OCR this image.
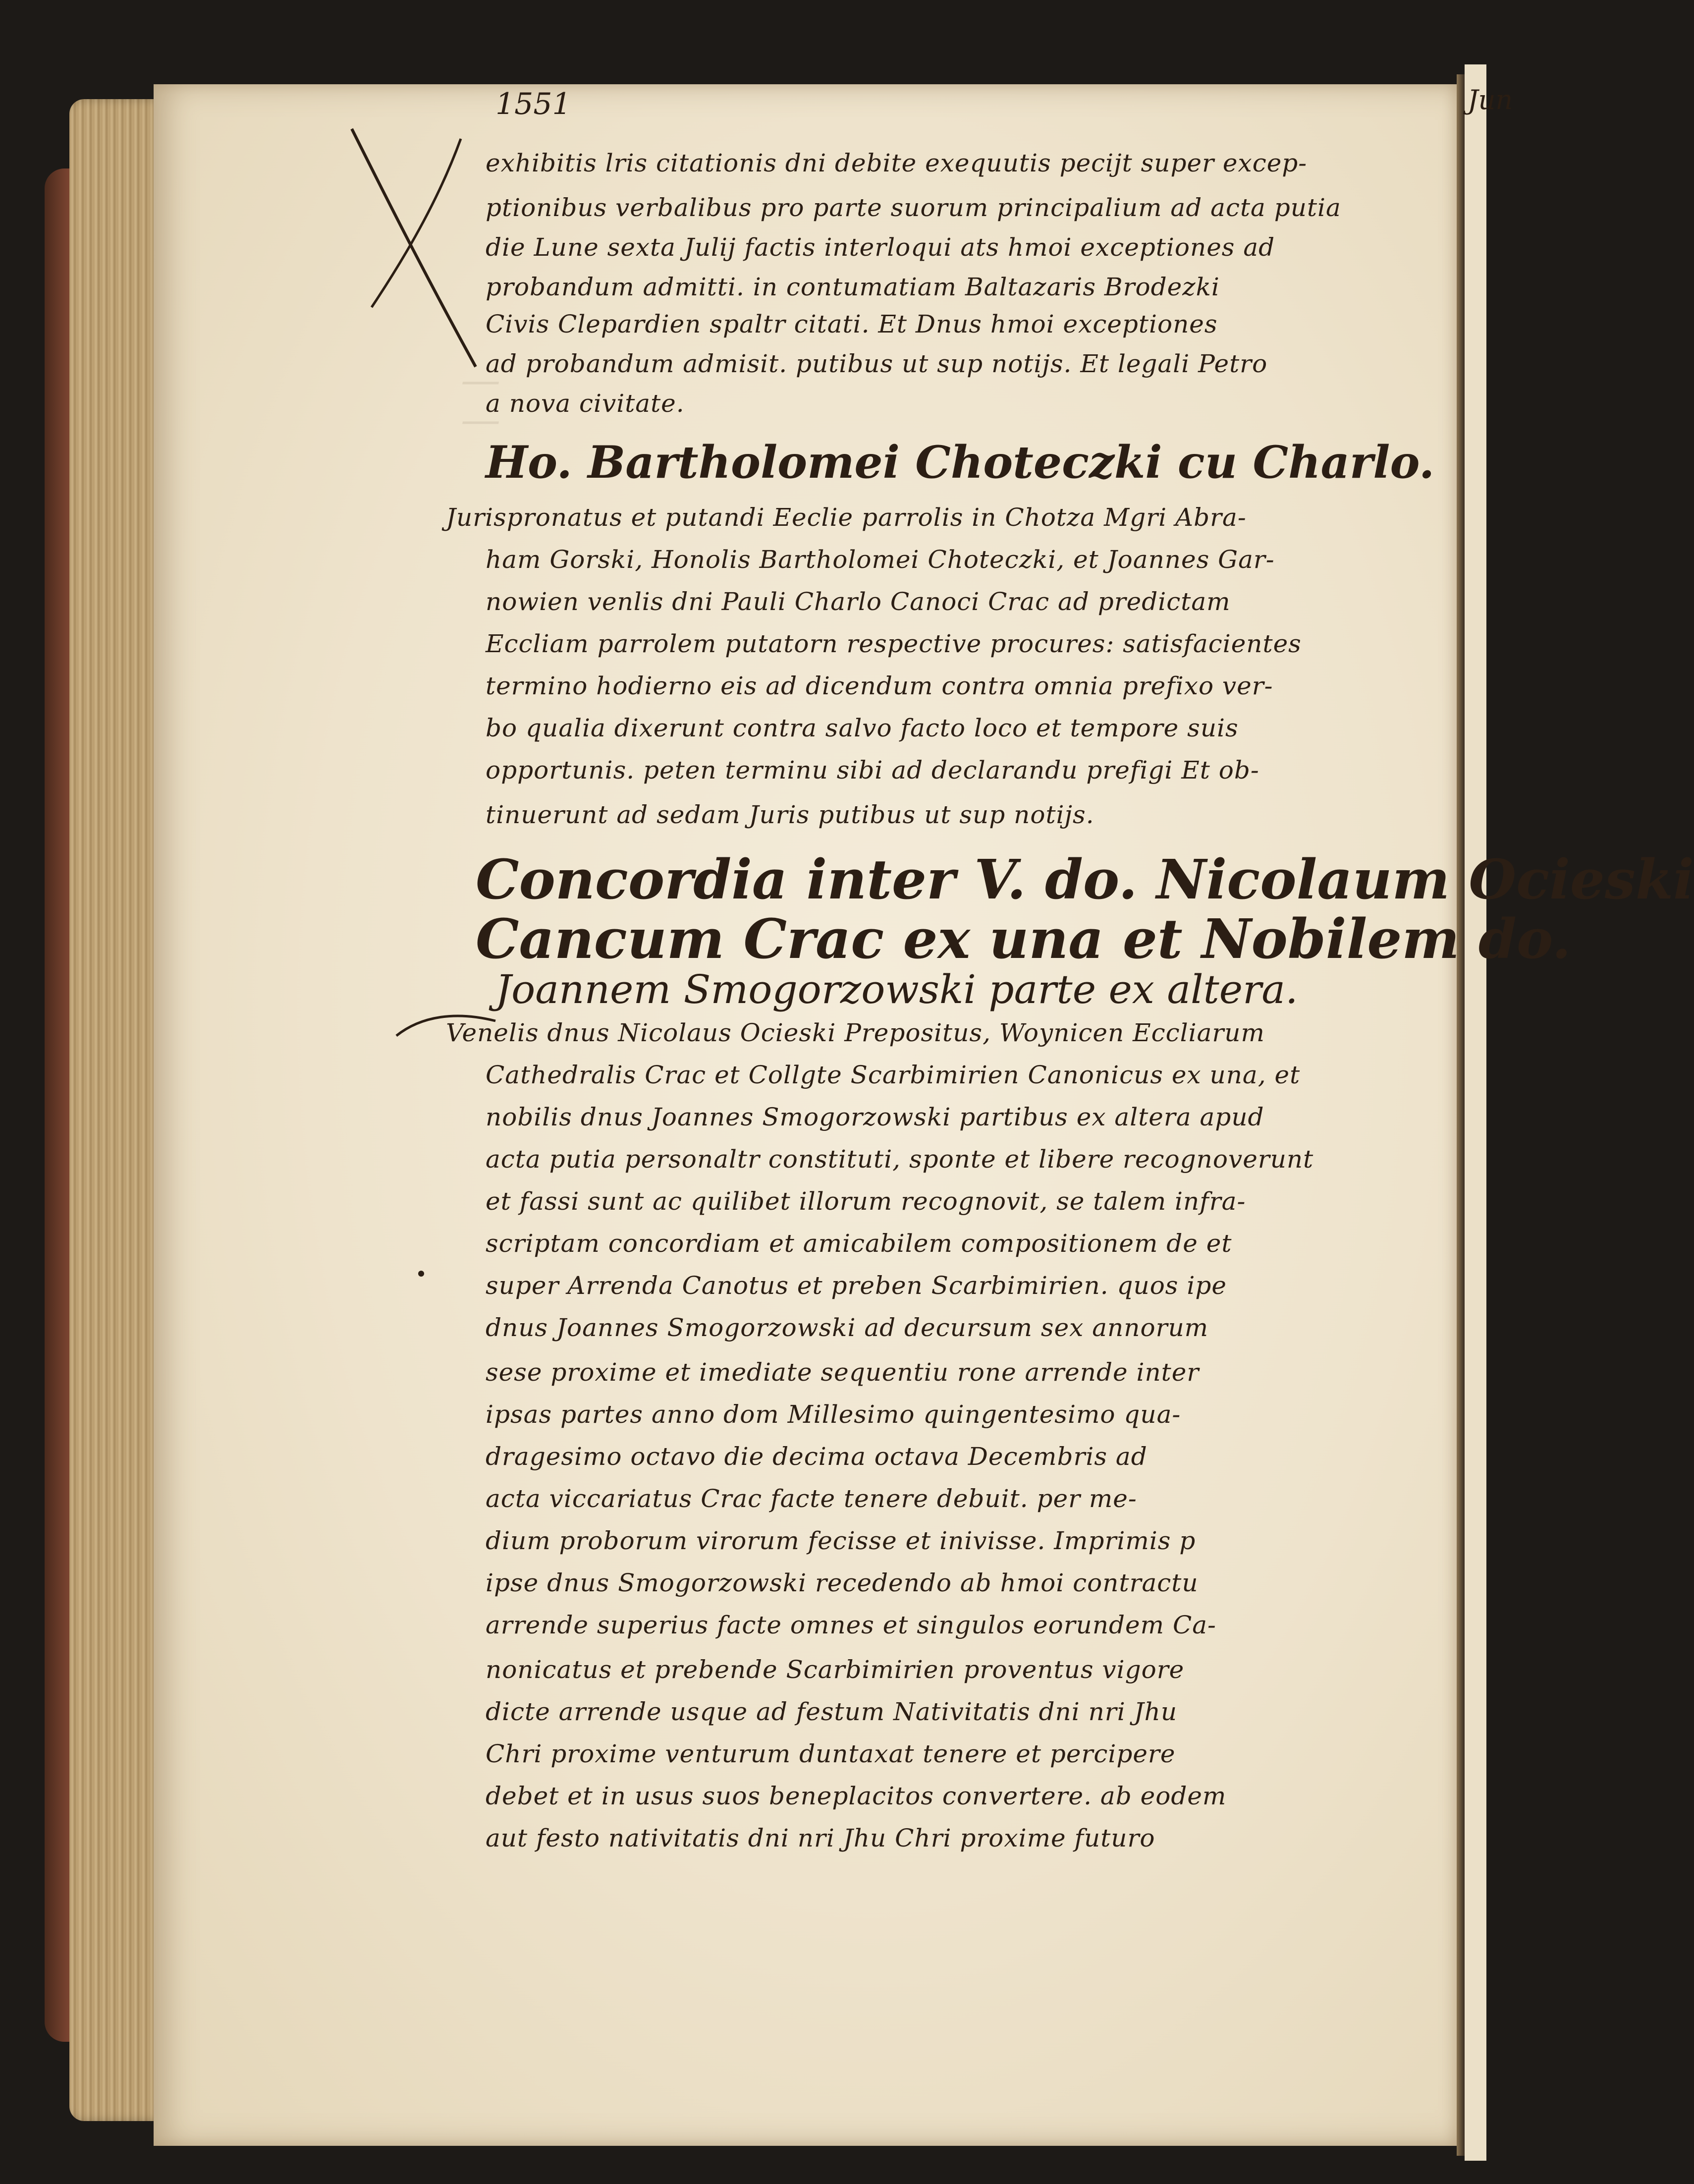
Jun
—
—
1551
exhibitis lris citationis dni debite exequutis pecijt super excep-
ptionibus verbalibus pro parte suorum principalium ad acta putia
die Lune sexta Julij factis interloqui ats hmoi exceptiones ad
probandum admitti. in contumatiam Baltazaris Brodezki
Civis Clepardien spaltr citati. Et Dnus hmoi exceptiones
ad probandum admisit. putibus ut sup notijs. Et legali Petro
a nova civitate.
Ho. Bartholomei Choteczki cu Charlo.
Jurispronatus et putandi Eeclie parrolis in Chotza Mgri Abra-
ham Gorski, Honolis Bartholomei Choteczki, et Joannes Gar-
nowien venlis dni Pauli Charlo Canoci Crac ad predictam
Eccliam parrolem putatorn respective procures: satisfacientes
termino hodierno eis ad dicendum contra omnia prefixo ver-
bo qualia dixerunt contra salvo facto loco et tempore suis
opportunis. peten terminu sibi ad declarandu prefigi Et ob-
tinuerunt ad sedam Juris putibus ut sup notijs.
Concordia inter V. do. Nicolaum Ocieski
Cancum Crac ex una et Nobilem do.
Joannem Smogorzowski parte ex altera.
Venelis dnus Nicolaus Ocieski Prepositus, Woynicen Eccliarum
Cathedralis Crac et Collgte Scarbimirien Canonicus ex una, et
nobilis dnus Joannes Smogorzowski partibus ex altera apud
acta putia personaltr constituti, sponte et libere recognoverunt
et fassi sunt ac quilibet illorum recognovit, se talem infra-
scriptam concordiam et amicabilem compositionem de et
super Arrenda Canotus et preben Scarbimirien. quos ipe
dnus Joannes Smogorzowski ad decursum sex annorum
sese proxime et imediate sequentiu rone arrende inter
ipsas partes anno dom Millesimo quingentesimo qua-
dragesimo octavo die decima octava Decembris ad
acta viccariatus Crac facte tenere debuit. per me-
dium proborum virorum fecisse et inivisse. Imprimis p
ipse dnus Smogorzowski recedendo ab hmoi contractu
arrende superius facte omnes et singulos eorundem Ca-
nonicatus et prebende Scarbimirien proventus vigore
dicte arrende usque ad festum Nativitatis dni nri Jhu
Chri proxime venturum duntaxat tenere et percipere
debet et in usus suos beneplacitos convertere. ab eodem
aut festo nativitatis dni nri Jhu Chri proxime futuro
